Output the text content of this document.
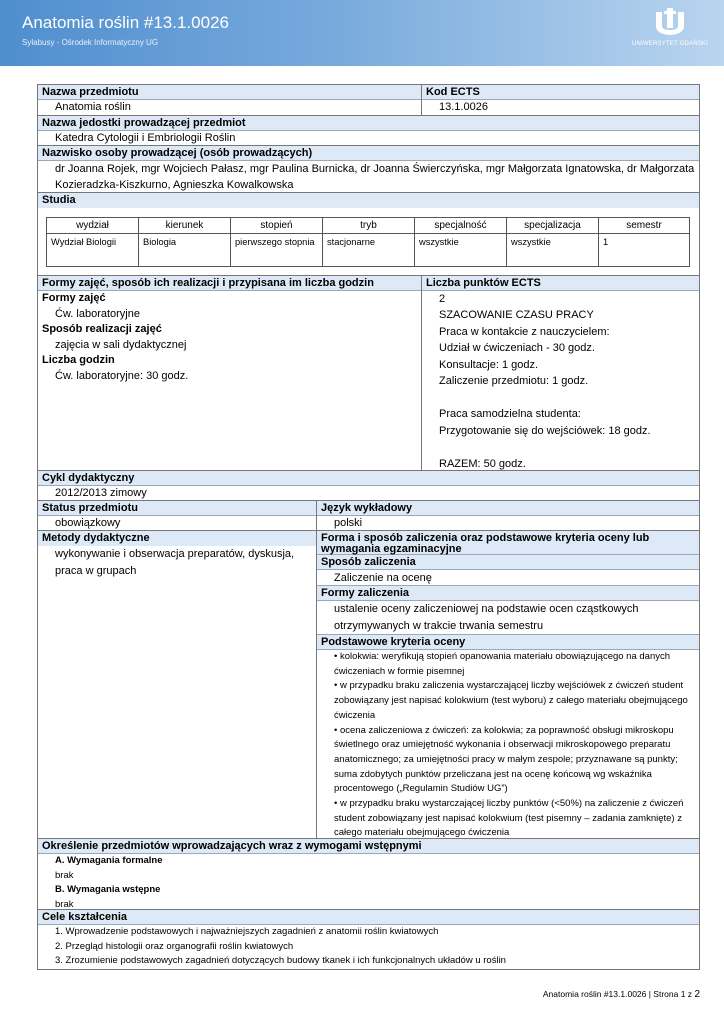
Anatomia roślin #13.1.0026
Sylabusy - Ośrodek Informatyczny UG	UNIWERSYTET GDAŃSKI
Nazwa przedmiotu
Anatomia roślin
Kod ECTS
13.1.0026
Nazwa jedostki prowadzącej przedmiot
Katedra Cytologii i Embriologii Roślin
Nazwisko osoby prowadzącej (osób prowadzących)
dr Joanna Rojek, mgr Wojciech Pałasz, mgr Paulina Burnicka, dr Joanna Świerczyńska, mgr Małgorzata Ignatowska, dr Małgorzata
Kozieradzka-Kiszkurno, Agnieszka Kowalkowska
Studia
wydział	kierunek	stopień	tryb	specjalność	specjalizacja	semestr
Wydział Biologii	Biologia	pierwszego stopnia	stacjonarne	wszystkie	wszystkie	1
Formy zajęć, sposób ich realizacji i przypisana im liczba godzin
Formy zajęć
Ćw. laboratoryjne
Sposób realizacji zajęć
zajęcia w sali dydaktycznej
Liczba godzin
Ćw. laboratoryjne: 30 godz.
Liczba punktów ECTS
2
SZACOWANIE CZASU PRACY
Praca w kontakcie z nauczycielem:
Udział w ćwiczeniach - 30 godz.
Konsultacje: 1 godz.
Zaliczenie przedmiotu: 1 godz.
Praca samodzielna studenta:
Przygotowanie się do wejściówek: 18 godz.
RAZEM: 50 godz.
Cykl dydaktyczny
2012/2013 zimowy
Status przedmiotu
obowiązkowy
Język wykładowy
polski
Metody dydaktyczne
wykonywanie i obserwacja preparatów, dyskusja,
praca w grupach
Forma i sposób zaliczenia oraz podstawowe kryteria oceny lub
wymagania egzaminacyjne
Sposób zaliczenia
Zaliczenie na ocenę
Formy zaliczenia
ustalenie oceny zaliczeniowej na podstawie ocen cząstkowych
otrzymywanych w trakcie trwania semestru
Podstawowe kryteria oceny
• kolokwia: weryfikują stopień opanowania materiału obowiązującego na danych
ćwiczeniach w formie pisemnej
• w przypadku braku zaliczenia wystarczającej liczby wejściówek z ćwiczeń student
zobowiązany jest napisać kolokwium (test wyboru) z całego materiału obejmującego
ćwiczenia
• ocena zaliczeniowa z ćwiczeń: za kolokwia; za poprawność obsługi mikroskopu
świetlnego oraz umiejętność wykonania i obserwacji mikroskopowego preparatu
anatomicznego; za umiejętności pracy w małym zespole; przyznawane są punkty;
suma zdobytych punktów przeliczana jest na ocenę końcową wg wskaźnika
procentowego („Regulamin Studiów UG”)
• w przypadku braku wystarczającej liczby punktów (<50%) na zaliczenie z ćwiczeń
student zobowiązany jest napisać kolokwium (test pisemny – zadania zamknięte) z
całego materiału obejmującego ćwiczenia
Określenie przedmiotów wprowadzających wraz z wymogami wstępnymi
A. Wymagania formalne
brak
B. Wymagania wstępne
brak
Cele kształcenia
1. Wprowadzenie podstawowych i najważniejszych zagadnień z anatomii roślin kwiatowych
2. Przegląd histologii oraz organografii roślin kwiatowych
3. Zrozumienie podstawowych zagadnień dotyczących budowy tkanek i ich funkcjonalnych układów u roślin
Anatomia roślin #13.1.0026 | Strona 1 z 2
